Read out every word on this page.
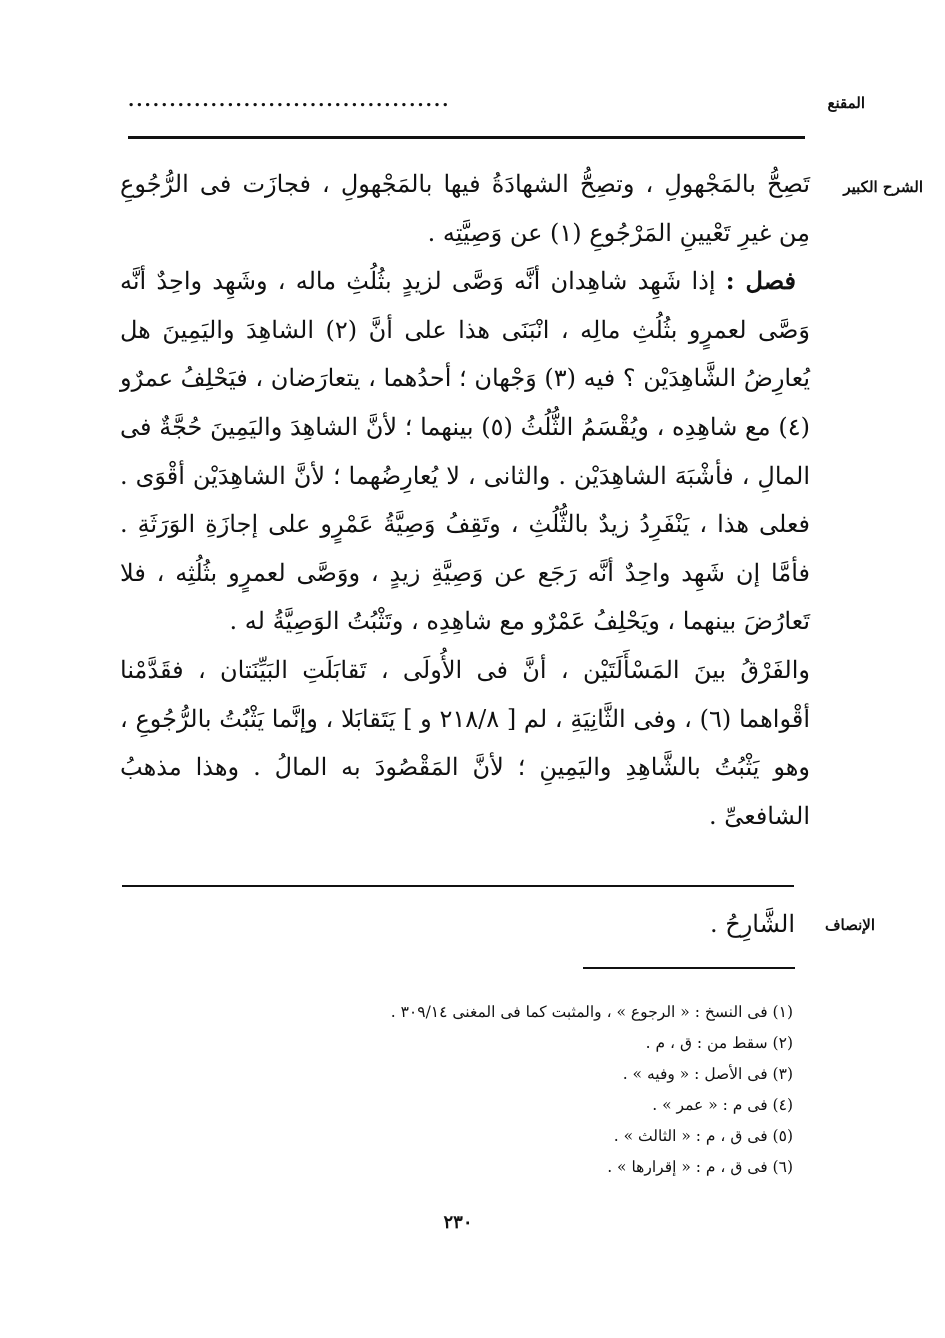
المقنع
.......................................
الشرح الكبير

تَصِحُّ بالمَجْهولِ ، وتصِحُّ الشهادَةُ فيها بالمَجْهولِ ، فجازَت فى الرُّجُوعِ مِن غيرِ تَعْيينِ المَرْجُوعِ (١) عن وَصِيَّتِه .

فصل : إذا شَهِد شاهِدان أنَّه وَصَّى لزيدٍ بثُلُثِ ماله ، وشَهِد واحِدٌ أنَّه وَصَّى لعمرٍو بثُلُثِ مالِه ، انْبَنَى هذا على أنَّ (٢) الشاهِدَ واليَمِينَ هل يُعارِضُ الشَّاهِدَيْن ؟ فيه (٣) وَجْهان ؛ أحدُهما ، يتعارَضان ، فيَحْلِفُ عمرٌو (٤) مع شاهِدِه ، ويُقْسَمُ الثُّلُثُ (٥) بينهما ؛ لأنَّ الشاهِدَ واليَمِينَ حُجَّةٌ فى المالِ ، فأشْبَهَ الشاهِدَيْن . والثانى ، لا يُعارِضُهما ؛ لأنَّ الشاهِدَيْن أقْوَى . فعلى هذا ، يَنْفَرِدُ زيدٌ بالثُّلُثِ ، وتَقِفُ وَصِيَّةُ عَمْرٍو على إجازَةِ الوَرَثَةِ . فأمَّا إن شَهِد واحِدٌ أنَّه رَجَع عن وَصِيَّةِ زيدٍ ، ووَصَّى لعمرٍو بثُلُثِه ، فلا تَعارُضَ بينهما ، ويَحْلِفُ عَمْرٌو مع شاهِدِه ، وتَثْبُتُ الوَصِيَّةُ له .

والفَرْقُ بينَ المَسْأَلَتَيْن ، أنَّ فى الأُولَى ، تَقابَلَتِ البَيِّنَتان ، فقَدَّمْنا أقْواهما (٦) ، وفى الثَّانِيَةِ ، لم [ ٢١٨/٨ و ] يَتَقابَلا ، وإنَّما يَثْبُتُ بالرُّجُوعِ ، وهو يَثْبُتُ بالشَّاهِدِ واليَمِينِ ؛ لأنَّ المَقْصُودَ به المالُ . وهذا مذهبُ الشافعىِّ .

الإنصاف
الشَّارِحُ .

(١) فى النسخ : « الرجوع » ، والمثبت كما فى المغنى ٣٠٩/١٤ .

(٢) سقط من : ق ، م .

(٣) فى الأصل : « وفيه » .

(٤) فى م : « عمر » .

(٥) فى ق ، م : « الثالث » .

(٦) فى ق ، م : « إقرارها » .

٢٣٠
